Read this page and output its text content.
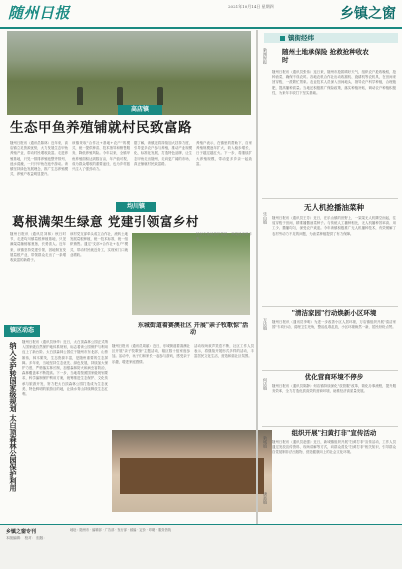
随州日报	2021年10月14日 星期四	乡镇之窗
高店镇
生态甲鱼养殖铺就村民致富路
随州日报讯（通讯员陈林）近年来，高店镇立足资源优势，大力发展生态甲鱼养殖产业，带动村民增收致富。走进养殖基地，只见一排排养殖池整齐排列，池水清澈，一只只甲鱼在池中游动。该镇坚持绿色发展理念，推广生态养殖模式，养殖户收益明显提升。
该镇采取"合作社+基地+农户"的模式，统一提供种苗、技术指导和销售服务，降低养殖风险。今年以来，全镇甲鱼养殖面积达到数百亩，年产值可观，成为群众增收的重要途径，也为乡村振兴注入了强劲动力。
据了解，该镇还将持续加大扶持力度，引导更多农户参与养殖，推动产业规模化、标准化发展，打造特色品牌，让生态甲鱼走出随州，走向更广阔的市场，真正铺就村民致富路。
养殖户表示，在镇里的帮助下，自家养殖规模逐年扩大，收入稳步增长，日子越过越红火。下一步，将继续扩大养殖规模，带动更多乡亲一起致富。
均川镇
葛根满架生绿意 党建引领富乡村
随州日报讯（通讯员刘林）秋日时节，走进均川镇葛根种植基地，只见满架葛藤郁郁葱葱，长势喜人。近年来，该镇坚持党建引领，因地制宜发展葛根产业，带领群众走出了一条增收致富的新路子。
该村党支部牵头成立合作社，流转土地发展葛根种植，统一技术标准，统一组织销售。通过"支部+合作社+农户"模式，带动村民就近务工，实现家门口就业增收。
村民在基地管护葛根，满架绿意映丰收。
镇区动态
纳入全护转国家级规划 太白顶森林公园保护利用 随州日报讯（通讯员徐华）近日，太白顶森林公园正式纳入国家级自然保护地体系规划，标志着该公园保护与利用迈上了新台阶。太白顶森林公园位于随州市东北部，山势雄伟，林木繁茂，生态资源丰富，是随州重要的生态屏障。多年来，当地坚持生态优先、绿色发展，持续加大保护力度，严格落实林长制，加强森林防火和病虫害防治，森林覆盖率不断提高。下一步，当地将按照国家级规划要求，科学编制保护利用方案，统筹推进生态保护、文化传承与旅游开发，努力把太白顶森林公园打造成为生态优美、特色鲜明的旅游目的地，让绿水青山持续释放生态红利。
东城街道着赛澳社区 开展"亲子牧歌惊"活动
随州日报讯（通讯员周丽）近日，东城街道着赛澳社区开展"亲子牧歌惊"主题活动，辖区数十组家庭参加。活动中，孩子们和家长一起参与游戏，感受亲子乐趣，增进家庭感情。
活动现场欢声笑语不断，社区工作人员表示，将继续开展形式多样的活动，丰富居民文化生活，营造和谐社区氛围。
镇街经纬
新闻时报 随州土地承保险 抢救抢种收农时
随州日报讯（通讯员张伟）连日来，随州市抢抓晴好天气，组织农户抢收晚稻，抢种油菜，确保不误农时。各地农机合作社出动收割机、旋耕机等农机具，在田间来回穿梭，一派繁忙景象。农业技术人员深入田间地头，指导农户科学种植，合理施肥，提高播种质量。当地还积极推广保险政策，落实种植补贴，调动农户种植积极性，为来年丰收打下坚实基础。
乐山镇
无人机抢播油菜种
随州日报讯（通讯员王芳）近日，在乐山镇的田野上，一架架无人机腾空而起，往返穿梭于田间，精准播撒油菜种子。与传统人工播种相比，无人机播种效率高、用工少、撒播均匀，深受农户欢迎。今年该镇积极推广无人机播种技术，有效缓解了农村劳动力不足的问题，为油菜种植提供了有力保障。
万店镇
"清洁家园"行动焕新小区环境
随州日报讯（通讯员李明）为进一步改善小区人居环境，万店镇组织开展"清洁家园"专项行动，清理卫生死角，整治乱堆乱放，小区环境焕然一新，居民纷纷点赞。
何店镇
优化营商环境不停步
随州日报讯（通讯员陈静）何店镇持续深化"放管服"改革，简化办事流程，提升服务效率，全力打造优质高效的营商环境，助推经济高质量发展。
新城镇
组织开展"扫黄打非"宣传活动
随州日报讯（通讯员赵强）近日，新城镇组织开展"扫黄打非"宣传活动，工作人员通过发放宣传资料、现场讲解等方式，向群众普及"扫黄打非"相关知识，引导群众自觉抵制非法出版物，营造健康向上的社会文化环境。
唐县镇
乡镇之窗专刊
本版编辑： 校对： 组版：
地址：随州市 · 编辑部 · 广告部 · 发行部 · 邮编 · 定价 · 印刷 · 服务热线
